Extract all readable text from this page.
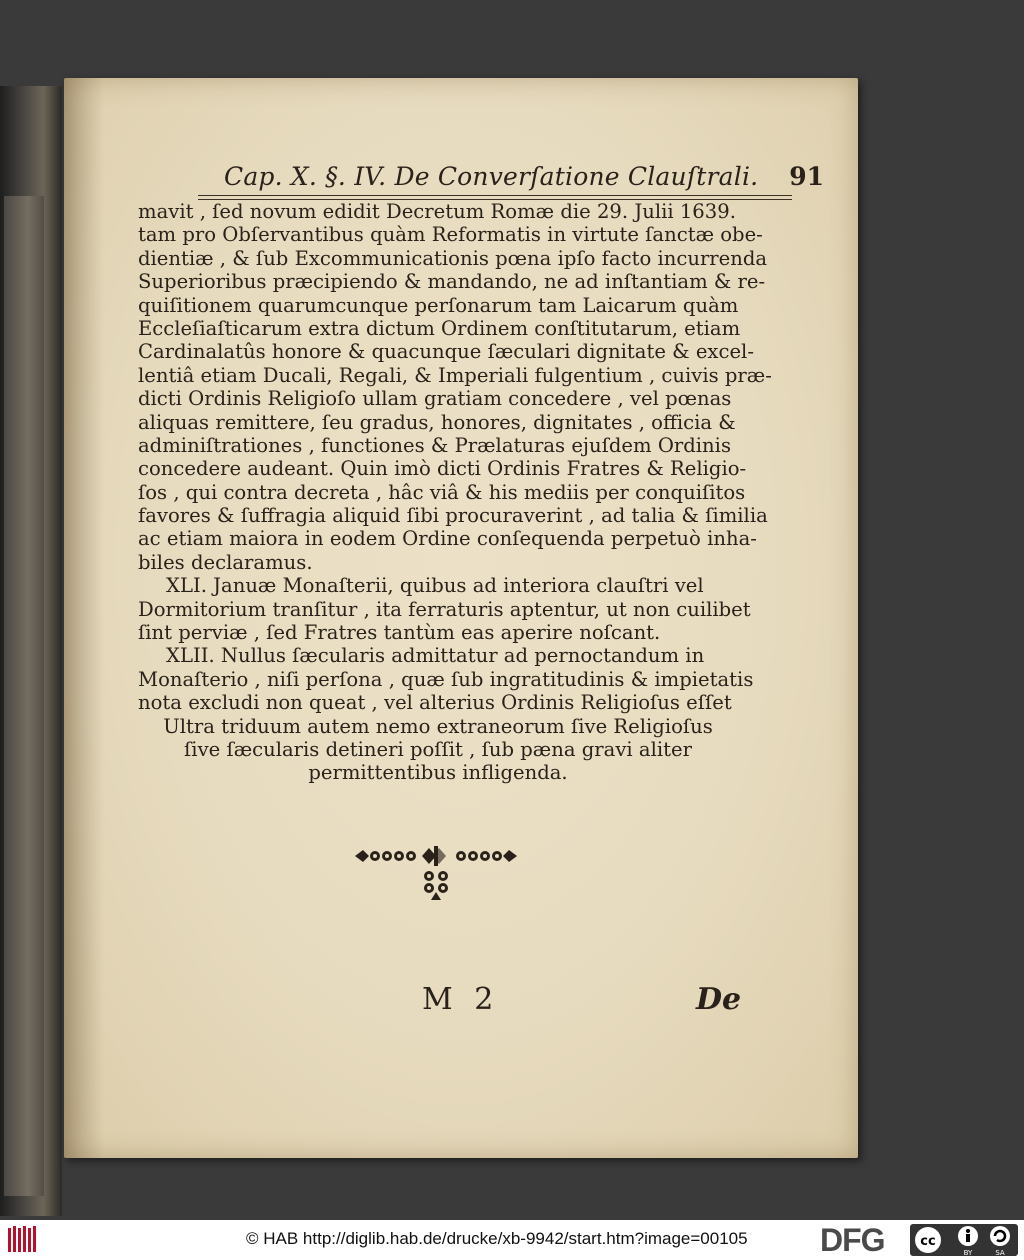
Cap. X. §. IV. De Converſatione Clauſtrali. 91
mavit , ſed novum edidit Decretum Romæ die 29. Julii 1639.
tam pro Obſervantibus quàm Reformatis in virtute ſanctæ obe-
dientiæ , & ſub Excommunicationis pœna ipſo facto incurrenda
Superioribus præcipiendo & mandando, ne ad inſtantiam & re-
quiſitionem quarumcunque perſonarum tam Laicarum quàm
Eccleſiaſticarum extra dictum Ordinem conſtitutarum, etiam
Cardinalatûs honore & quacunque ſæculari dignitate & excel-
lentiâ etiam Ducali, Regali, & Imperiali fulgentium , cuivis præ-
dicti Ordinis Religioſo ullam gratiam concedere , vel pœnas
aliquas remittere, ſeu gradus, honores, dignitates , officia &
adminiſtrationes , functiones & Prælaturas ejuſdem Ordinis
concedere audeant. Quin imò dicti Ordinis Fratres & Religio-
ſos , qui contra decreta , hâc viâ & his mediis per conquiſitos
favores & ſuffragia aliquid ſibi procuraverint , ad talia & ſimilia
ac etiam maiora in eodem Ordine conſequenda perpetuò inha-
biles declaramus.
XLI. Januæ Monaſterii, quibus ad interiora clauſtri vel
Dormitorium tranſitur , ita ferraturis aptentur, ut non cuilibet
ſint perviæ , ſed Fratres tantùm eas aperire noſcant.
XLII. Nullus ſæcularis admittatur ad pernoctandum in
Monaſterio , niſi perſona , quæ ſub ingratitudinis & impietatis
nota excludi non queat , vel alterius Ordinis Religioſus eſſet
Ultra triduum autem nemo extraneorum ſive Religioſus
ſive ſæcularis detineri poſſit , ſub pæna gravi aliter
permittentibus infligenda.
M 2	De
© HAB http://diglib.hab.de/drucke/xb-9942/start.htm?image=00105 DFG	cc
BY	SA
